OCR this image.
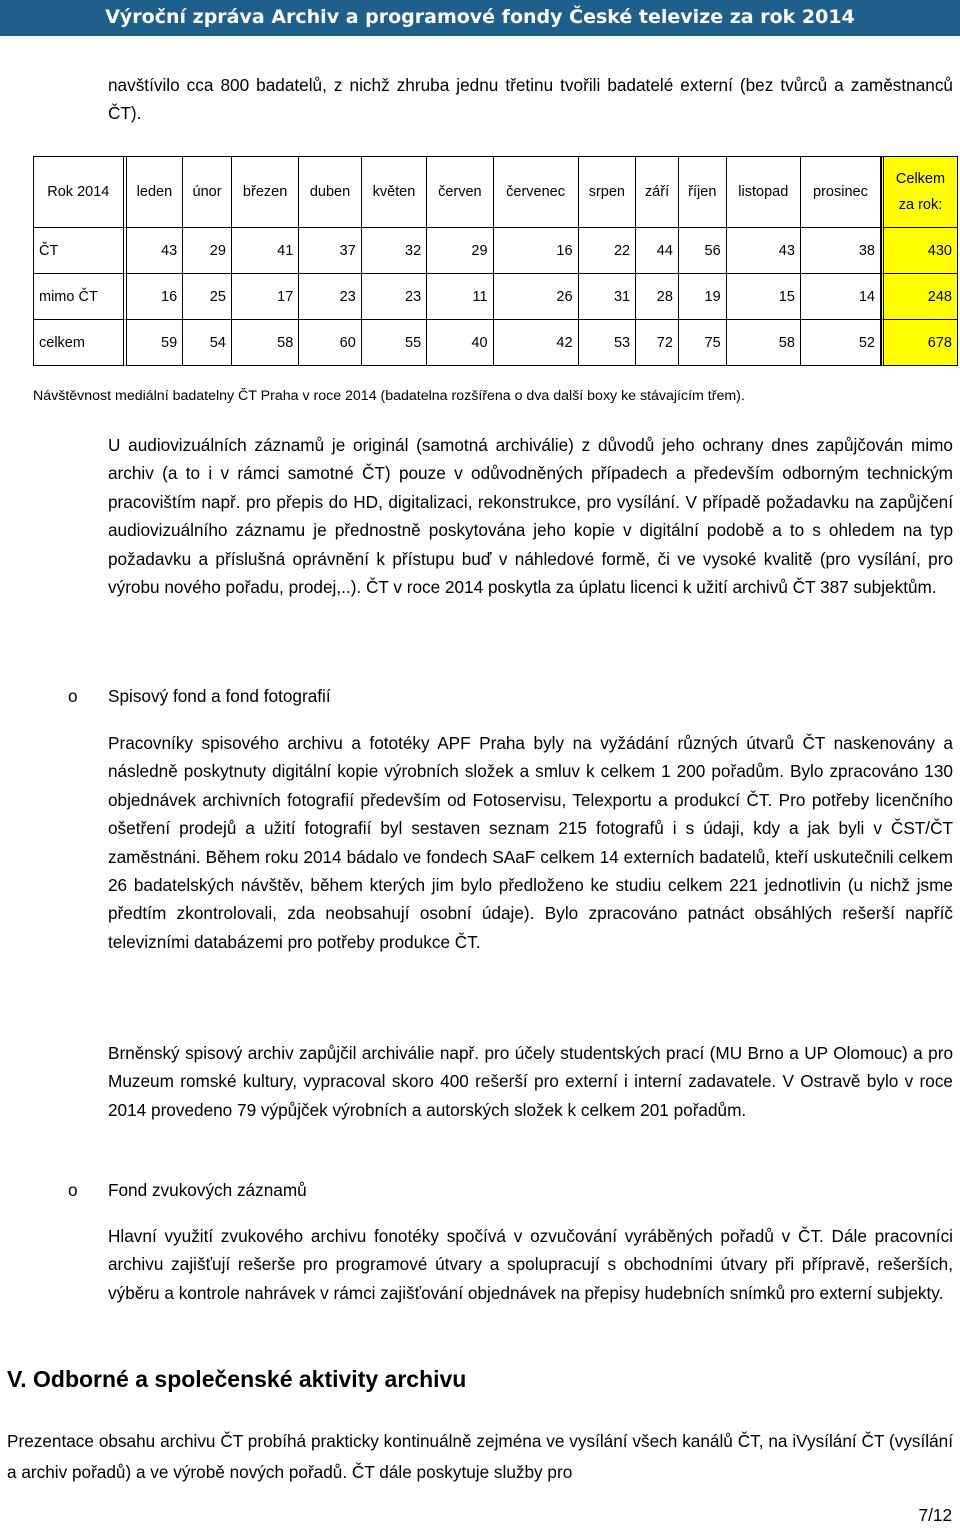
Výroční zpráva Archiv a programové fondy České televize za rok 2014
navštívilo cca 800 badatelů, z nichž zhruba jednu třetinu tvořili badatelé externí (bez tvůrců a zaměstnanců ČT).
Rok 2014	leden	únor	březen	duben	květen	červen	červenec	srpen	září	říjen	listopad	prosinec	Celkem
za rok:
ČT	43	29	41	37	32	29	16	22	44	56	43	38	430
mimo ČT	16	25	17	23	23	11	26	31	28	19	15	14	248
celkem	59	54	58	60	55	40	42	53	72	75	58	52	678
Návštěvnost mediální badatelny ČT Praha v roce 2014 (badatelna rozšířena o dva další boxy ke stávajícím třem).
U audiovizuálních záznamů je originál (samotná archiválie) z důvodů jeho ochrany dnes zapůjčován mimo archiv (a to i v rámci samotné ČT) pouze v odůvodněných případech a především odborným technickým pracovištím např. pro přepis do HD, digitalizaci, rekonstrukce, pro vysílání. V případě požadavku na zapůjčení audiovizuálního záznamu je přednostně poskytována jeho kopie v digitální podobě a to s ohledem na typ požadavku a příslušná oprávnění k přístupu buď v náhledové formě, či ve vysoké kvalitě (pro vysílání, pro výrobu nového pořadu, prodej,..). ČT v roce 2014 poskytla za úplatu licenci k užití archivů ČT 387 subjektům.
o Spisový fond a fond fotografií
Pracovníky spisového archivu a fototéky APF Praha byly na vyžádání různých útvarů ČT naskenovány a následně poskytnuty digitální kopie výrobních složek a smluv k celkem 1 200 pořadům. Bylo zpracováno 130 objednávek archivních fotografií především od Fotoservisu, Telexportu a produkcí ČT. Pro potřeby licenčního ošetření prodejů a užití fotografií byl sestaven seznam 215 fotografů i s údaji, kdy a jak byli v ČST/ČT zaměstnáni. Během roku 2014 bádalo ve fondech SAaF celkem 14 externích badatelů, kteří uskutečnili celkem 26 badatelských návštěv, během kterých jim bylo předloženo ke studiu celkem 221 jednotlivin (u nichž jsme předtím zkontrolovali, zda neobsahují osobní údaje). Bylo zpracováno patnáct obsáhlých rešerší napříč televizními databázemi pro potřeby produkce ČT.
Brněnský spisový archiv zapůjčil archiválie např. pro účely studentských prací (MU Brno a UP Olomouc) a pro Muzeum romské kultury, vypracoval skoro 400 rešerší pro externí i interní zadavatele. V Ostravě bylo v roce 2014 provedeno 79 výpůjček výrobních a autorských složek k celkem 201 pořadům.
o Fond zvukových záznamů
Hlavní využití zvukového archivu fonotéky spočívá v ozvučování vyráběných pořadů v ČT. Dále pracovníci archivu zajišťují rešerše pro programové útvary a spolupracují s obchodními útvary při přípravě, rešerších, výběru a kontrole nahrávek v rámci zajišťování objednávek na přepisy hudebních snímků pro externí subjekty.
V. Odborné a společenské aktivity archivu
Prezentace obsahu archivu ČT probíhá prakticky kontinuálně zejména ve vysílání všech kanálů ČT, na iVysílání ČT (vysílání a archiv pořadů) a ve výrobě nových pořadů. ČT dále poskytuje služby pro
7/12
